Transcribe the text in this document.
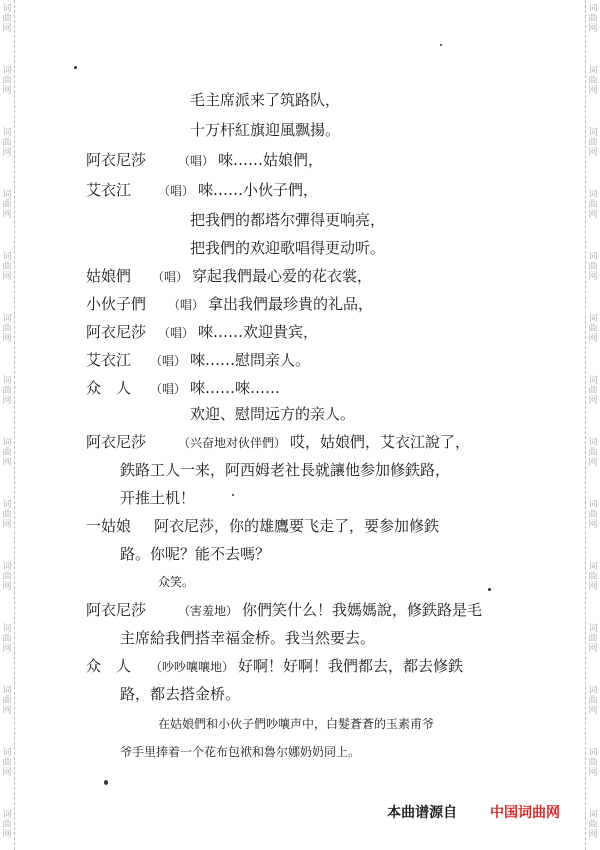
毛主席派来了筑路队，
十万杆紅旗迎風飘揚。
阿衣尼莎	（唱） 唻……姑娘們，
艾衣江 （唱） 唻……小伙子們，
把我們的都塔尔彈得更响亮，
把我們的欢迎歌唱得更动听。
姑娘們 （唱） 穿起我們最心爱的花衣裳，
小伙子們 （唱） 拿出我們最珍貴的礼品，
阿衣尼莎 （唱） 唻……欢迎貴宾，
艾衣江 （唱） 唻……慰問亲人。
众　人 （唱） 唻……唻……
欢迎、慰問远方的亲人。
阿衣尼莎	（兴奋地对伙伴們） 哎，姑娘們，艾衣江說了，
鉄路工人一来，阿西姆老社長就讓他参加修鉄路，
开推土机！
一姑娘 阿衣尼莎，你的雄鷹要飞走了，要参加修鉄
路。你呢？能不去嗎？
众笑。
阿衣尼莎	（害羞地） 你們笑什么！我媽媽說，修鉄路是毛
主席給我們搭幸福金桥。我当然要去。
众　人 （吵吵嚷嚷地） 好啊！好啊！我們都去，都去修鉄
路，都去搭金桥。
在姑娘們和小伙子們吵嚷声中，白髮蒼蒼的玉素甫爷
爷手里捧着一个花布包袱和魯尔娜奶奶同上。
本曲谱源自 中国词曲网
词
曲
网
词
曲
网
词
曲
网
词
曲
网
词
曲
网
词
曲
网
词
曲
网
词
曲
网
词
曲
网
词
曲
网
词
曲
网
词
曲
网
词
曲
网
词
曲
网
词
曲
网
词
曲
网
词
曲
网
词
曲
网
词
曲
网
词
曲
网
词
曲
网
词
曲
网
词
曲
网
词
曲
网
词
曲
网
词
曲
网
词
曲
网
词
曲
网
